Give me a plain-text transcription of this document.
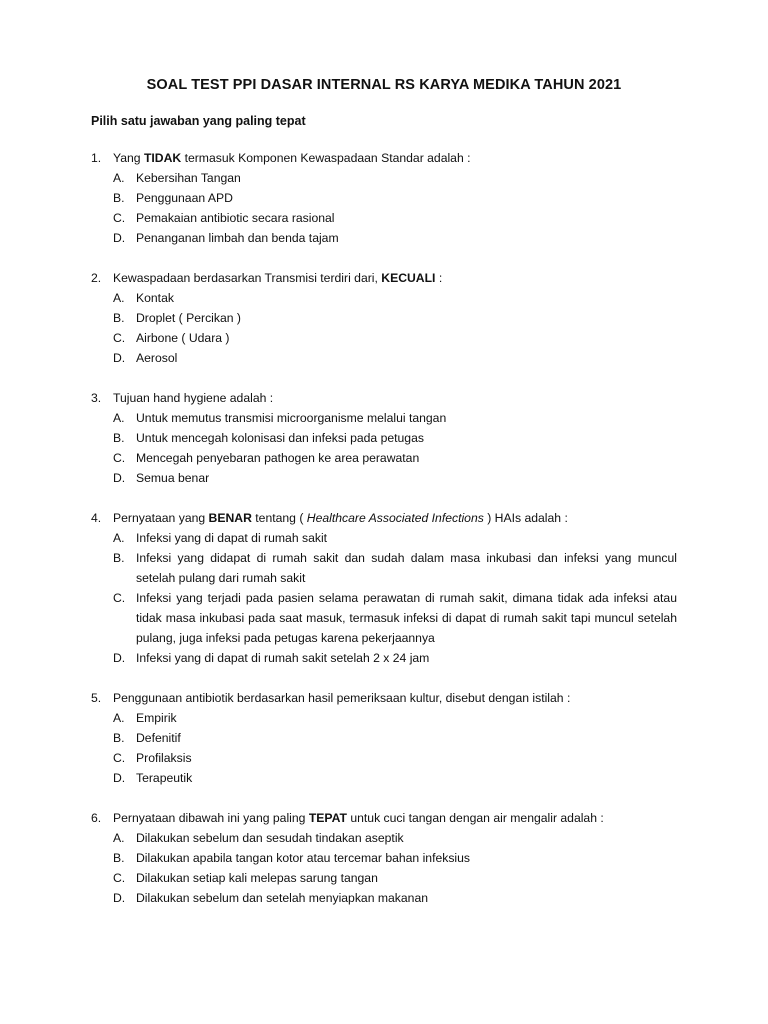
SOAL TEST PPI DASAR INTERNAL RS KARYA MEDIKA TAHUN 2021
Pilih satu jawaban yang paling tepat
1. Yang TIDAK termasuk Komponen Kewaspadaan Standar adalah :
A. Kebersihan Tangan
B. Penggunaan APD
C. Pemakaian antibiotic secara rasional
D. Penanganan limbah dan benda tajam
2. Kewaspadaan berdasarkan Transmisi terdiri dari, KECUALI :
A. Kontak
B. Droplet ( Percikan )
C. Airbone ( Udara )
D. Aerosol
3. Tujuan hand hygiene adalah :
A. Untuk memutus transmisi microorganisme melalui tangan
B. Untuk mencegah kolonisasi dan infeksi pada petugas
C. Mencegah penyebaran pathogen ke area perawatan
D. Semua benar
4. Pernyataan yang BENAR tentang ( Healthcare Associated Infections ) HAIs adalah :
A. Infeksi yang di dapat di rumah sakit
B. Infeksi yang didapat di rumah sakit dan sudah dalam masa inkubasi dan infeksi yang muncul setelah pulang dari rumah sakit
C. Infeksi yang terjadi pada pasien selama perawatan di rumah sakit, dimana tidak ada infeksi atau tidak masa inkubasi pada saat masuk, termasuk infeksi di dapat di rumah sakit tapi muncul setelah pulang, juga infeksi pada petugas karena pekerjaannya
D. Infeksi yang di dapat di rumah sakit setelah 2 x 24 jam
5. Penggunaan antibiotik berdasarkan hasil pemeriksaan kultur, disebut dengan istilah :
A. Empirik
B. Defenitif
C. Profilaksis
D. Terapeutik
6. Pernyataan dibawah ini yang paling TEPAT untuk cuci tangan dengan air mengalir adalah :
A. Dilakukan sebelum dan sesudah tindakan aseptik
B. Dilakukan apabila tangan kotor atau tercemar bahan infeksius
C. Dilakukan setiap kali melepas sarung tangan
D. Dilakukan sebelum dan setelah menyiapkan makanan
